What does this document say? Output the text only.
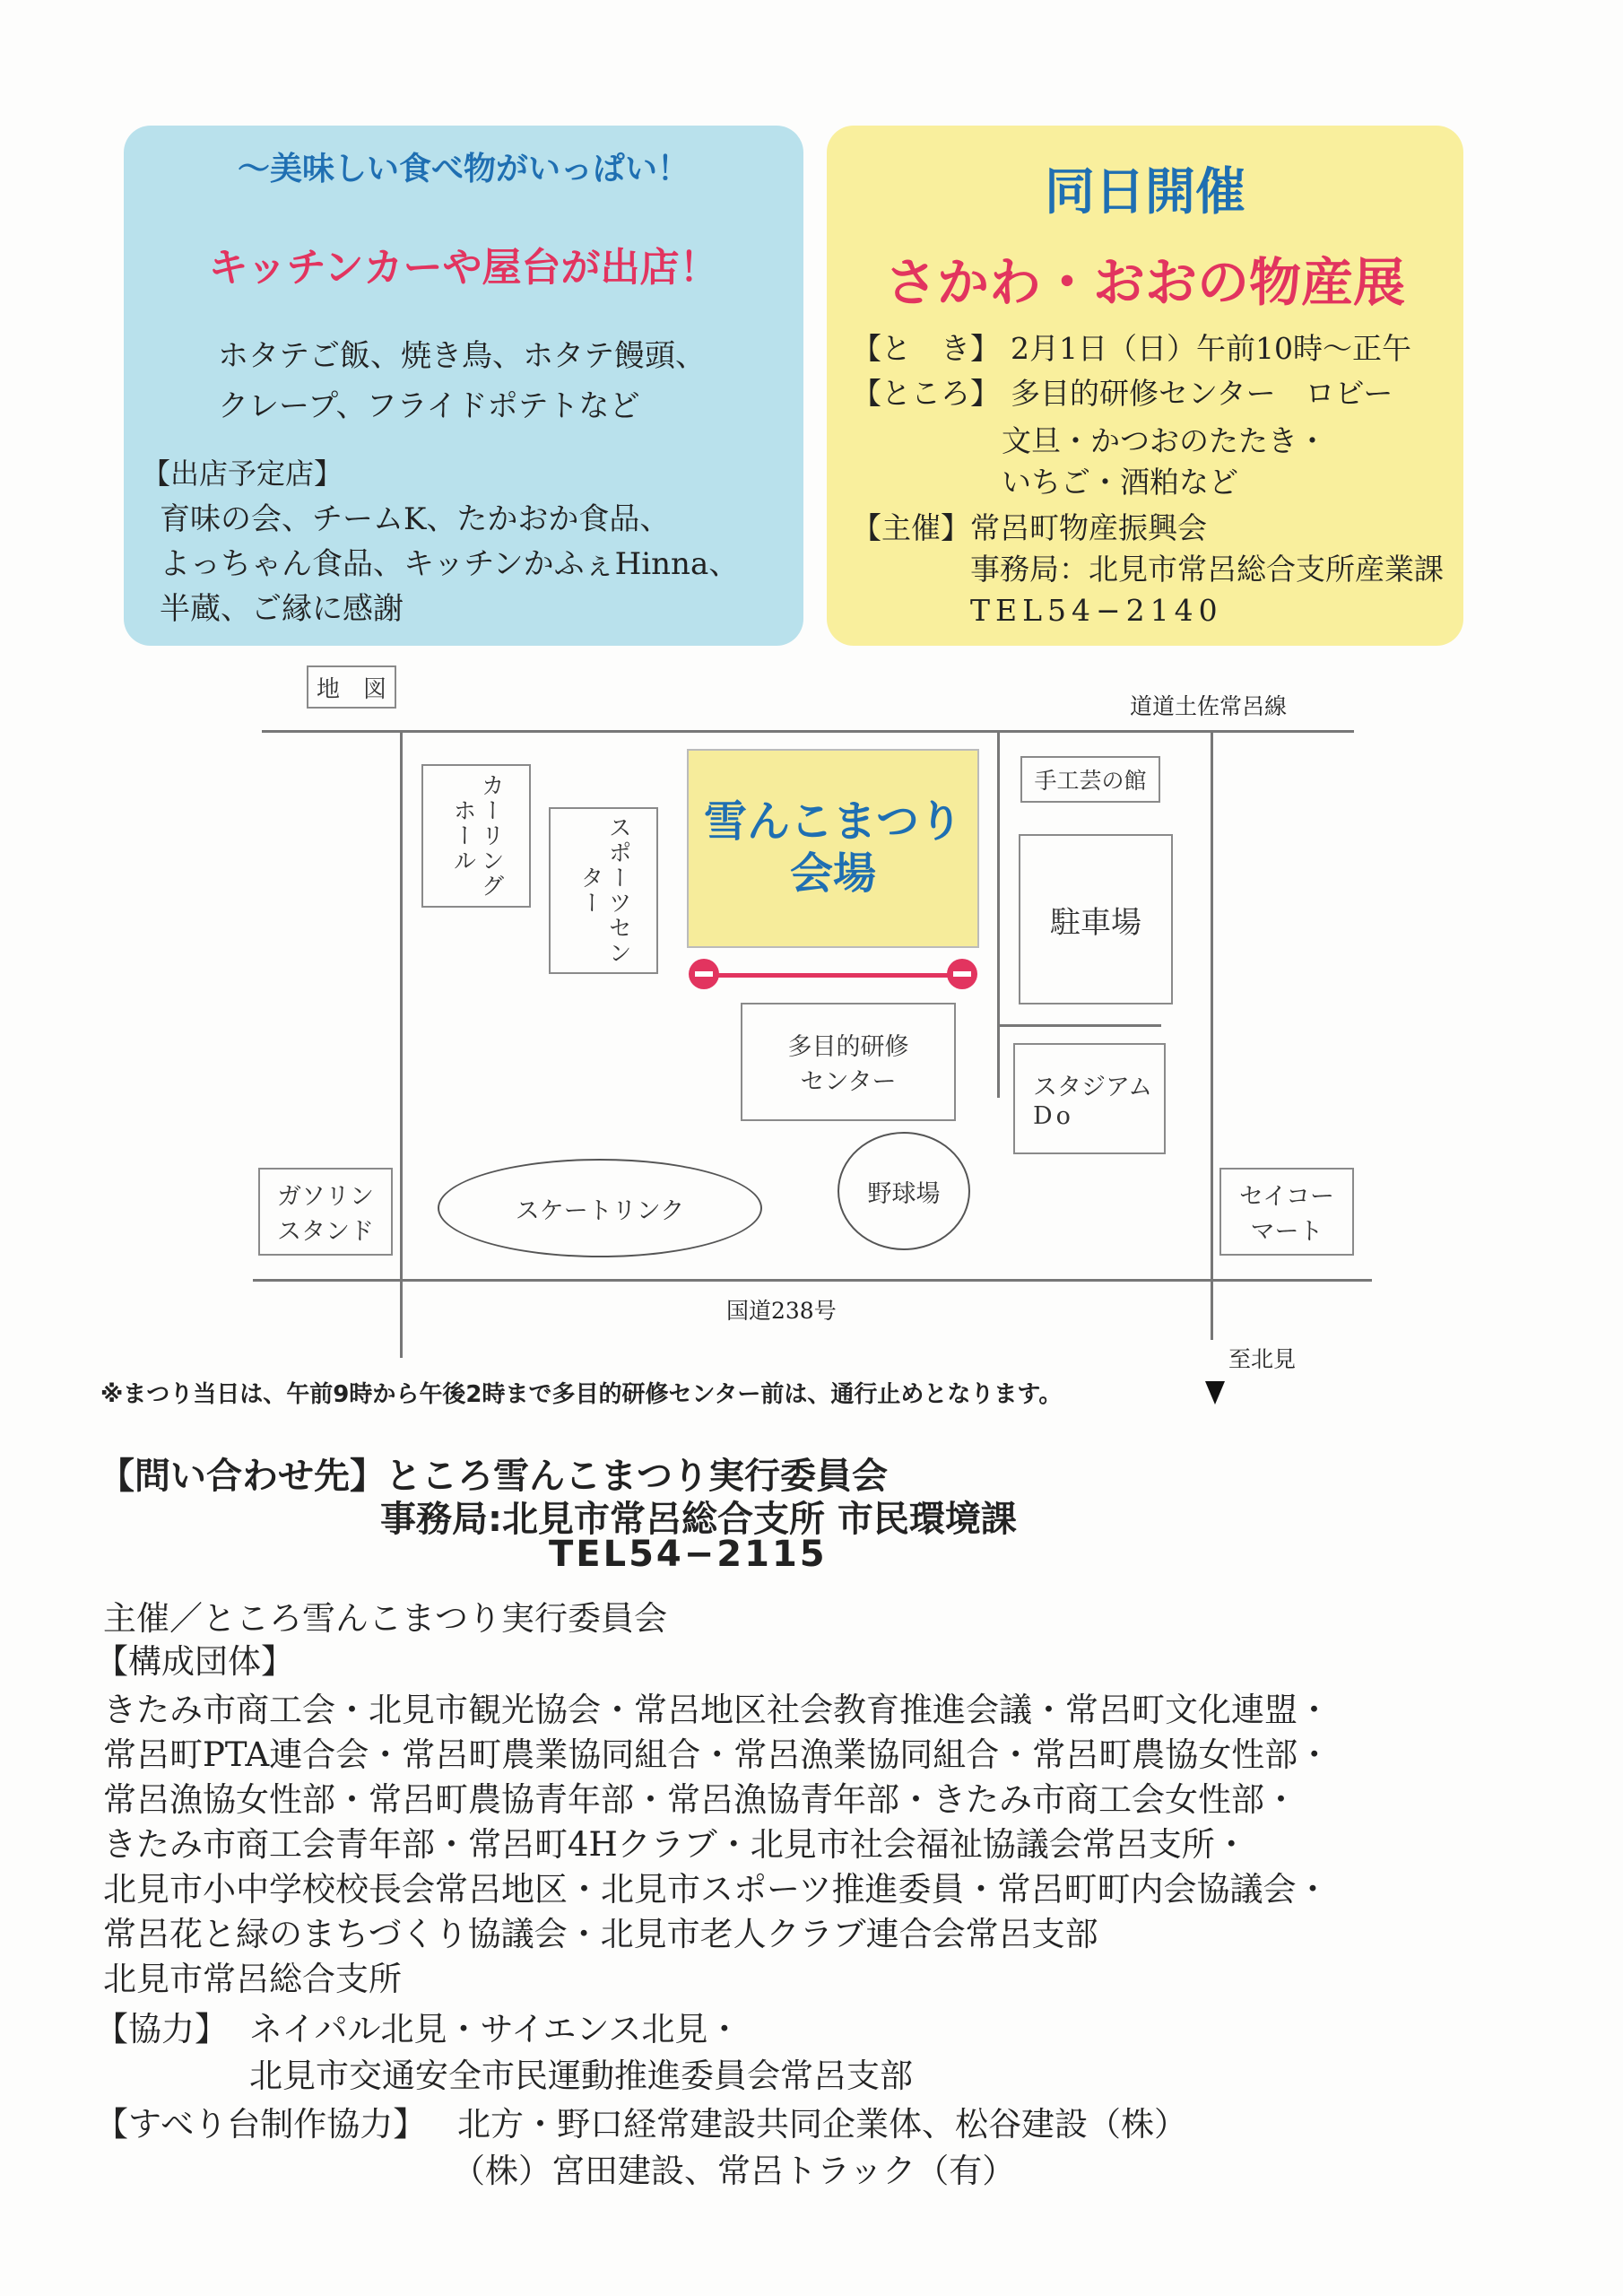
〜美味しい食べ物がいっぱい！
キッチンカーや屋台が出店！
ホタテご飯、焼き鳥、ホタテ饅頭、
クレープ、フライドポテトなど
【出店予定店】
育味の会、チームK、たかおか食品、
よっちゃん食品、キッチンかふぇHinna、
半蔵、ご縁に感謝
同日開催
さかわ・おおの物産展
【と　き】 2月1日（日）午前10時〜正午
【ところ】 多目的研修センター　ロビー
文旦・かつおのたたき・
いちご・酒粕など
【主催】 常呂町物産振興会
事務局：北見市常呂総合支所産業課
TEL54−2140
地　図
道道土佐常呂線
カーリングホール	スポーツセンター
雪んこまつり会場
手工芸の館
駐車場
多目的研修
センター	スタジアム
Do
ガソリン
スタンド
スケートリンク
野球場	セイコー
マート
国道238号
至北見
※まつり当日は、午前9時から午後2時まで多目的研修センター前は、通行止めとなります。
【問い合わせ先】ところ雪んこまつり実行委員会
事務局:北見市常呂総合支所 市民環境課
TEL54−2115
主催／ところ雪んこまつり実行委員会
【構成団体】
きたみ市商工会・北見市観光協会・常呂地区社会教育推進会議・常呂町文化連盟・
常呂町PTA連合会・常呂町農業協同組合・常呂漁業協同組合・常呂町農協女性部・
常呂漁協女性部・常呂町農協青年部・常呂漁協青年部・きたみ市商工会女性部・
きたみ市商工会青年部・常呂町4Hクラブ・北見市社会福祉協議会常呂支所・
北見市小中学校校長会常呂地区・北見市スポーツ推進委員・常呂町町内会協議会・
常呂花と緑のまちづくり協議会・北見市老人クラブ連合会常呂支部
北見市常呂総合支所
【協力】 ネイパル北見・サイエンス北見・
北見市交通安全市民運動推進委員会常呂支部
【すべり台制作協力】 北方・野口経常建設共同企業体、松谷建設（株）
（株）宮田建設、常呂トラック（有）
